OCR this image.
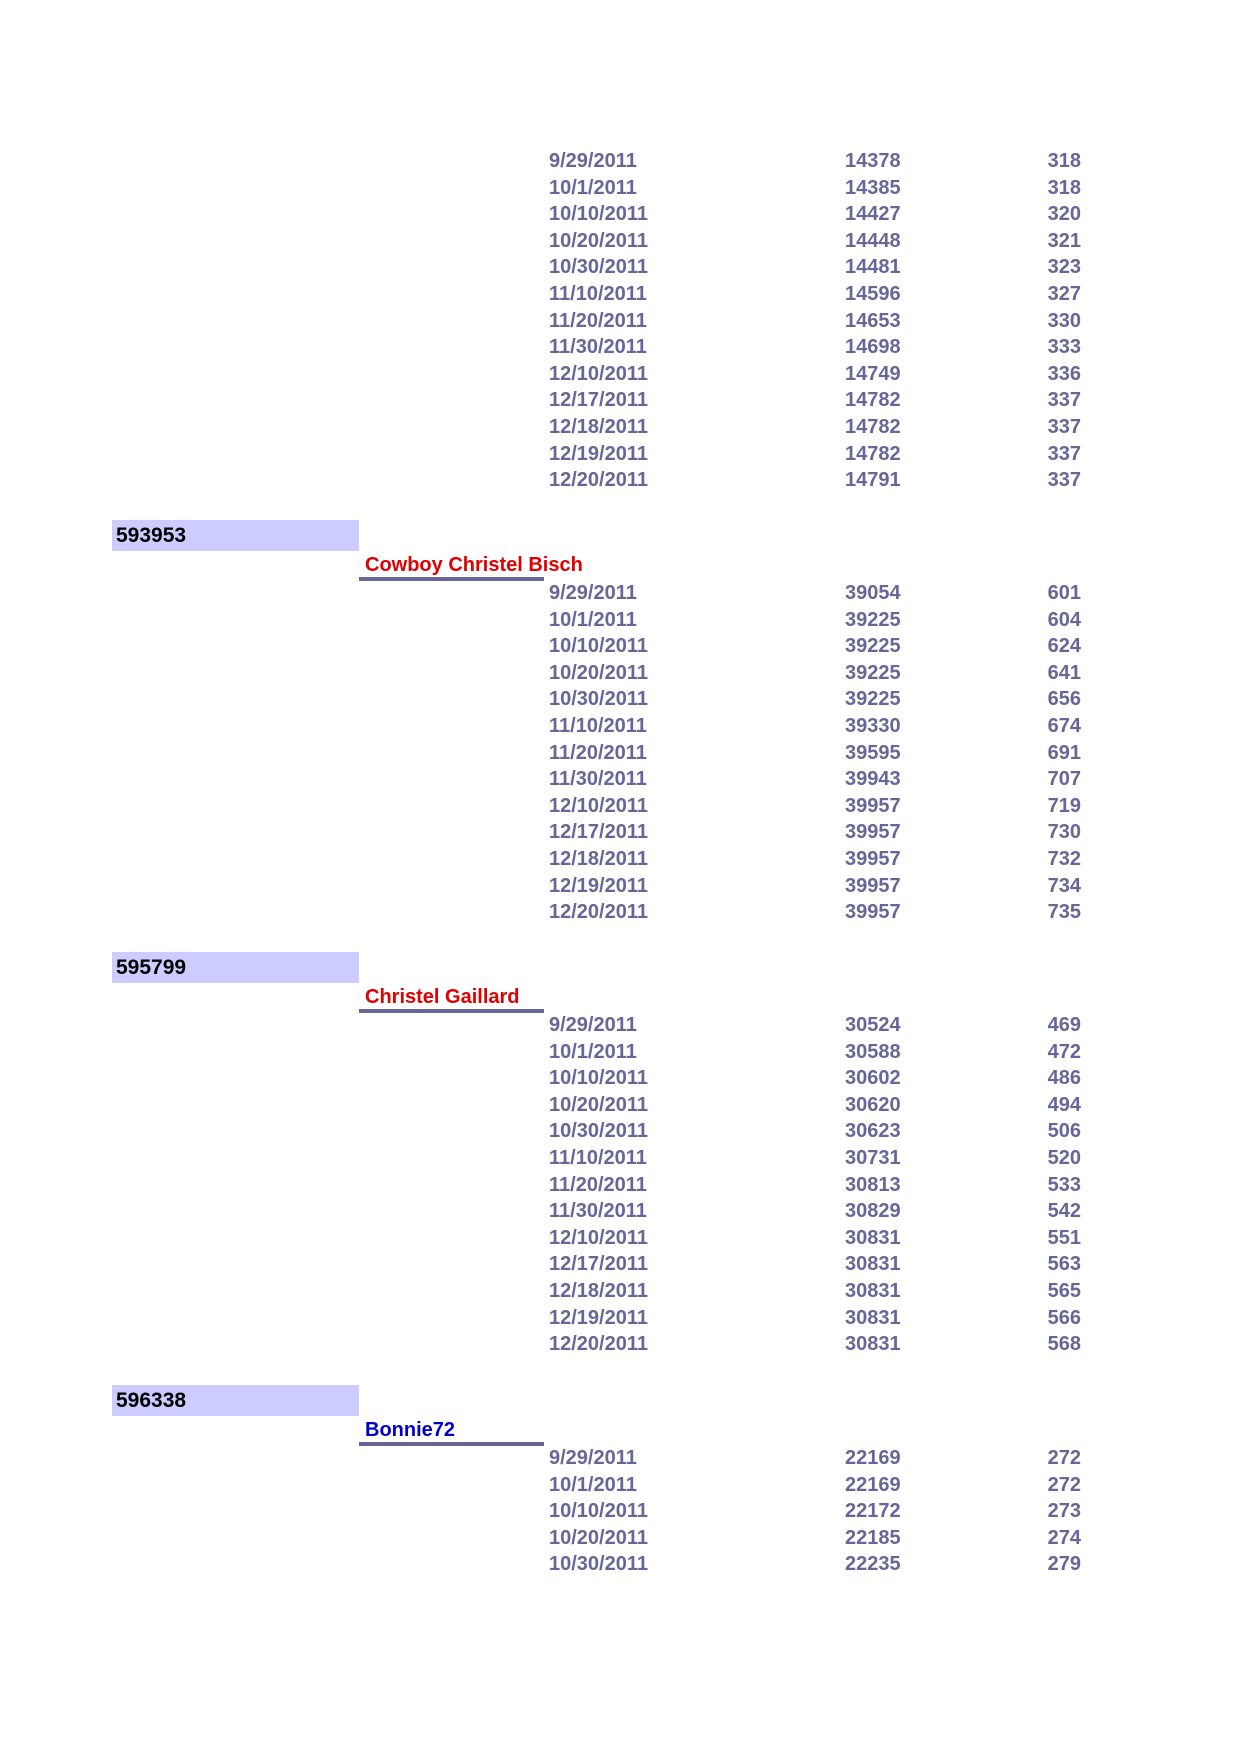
9/29/2011	14378	318
10/1/2011	14385	318
10/10/2011	14427	320
10/20/2011	14448	321
10/30/2011	14481	323
11/10/2011	14596	327
11/20/2011	14653	330
11/30/2011	14698	333
12/10/2011	14749	336
12/17/2011	14782	337
12/18/2011	14782	337
12/19/2011	14782	337
12/20/2011	14791	337
593953
Cowboy Christel Bisch
9/29/2011	39054	601
10/1/2011	39225	604
10/10/2011	39225	624
10/20/2011	39225	641
10/30/2011	39225	656
11/10/2011	39330	674
11/20/2011	39595	691
11/30/2011	39943	707
12/10/2011	39957	719
12/17/2011	39957	730
12/18/2011	39957	732
12/19/2011	39957	734
12/20/2011	39957	735
595799
Christel Gaillard
9/29/2011	30524	469
10/1/2011	30588	472
10/10/2011	30602	486
10/20/2011	30620	494
10/30/2011	30623	506
11/10/2011	30731	520
11/20/2011	30813	533
11/30/2011	30829	542
12/10/2011	30831	551
12/17/2011	30831	563
12/18/2011	30831	565
12/19/2011	30831	566
12/20/2011	30831	568
596338
Bonnie72
9/29/2011	22169	272
10/1/2011	22169	272
10/10/2011	22172	273
10/20/2011	22185	274
10/30/2011	22235	279
